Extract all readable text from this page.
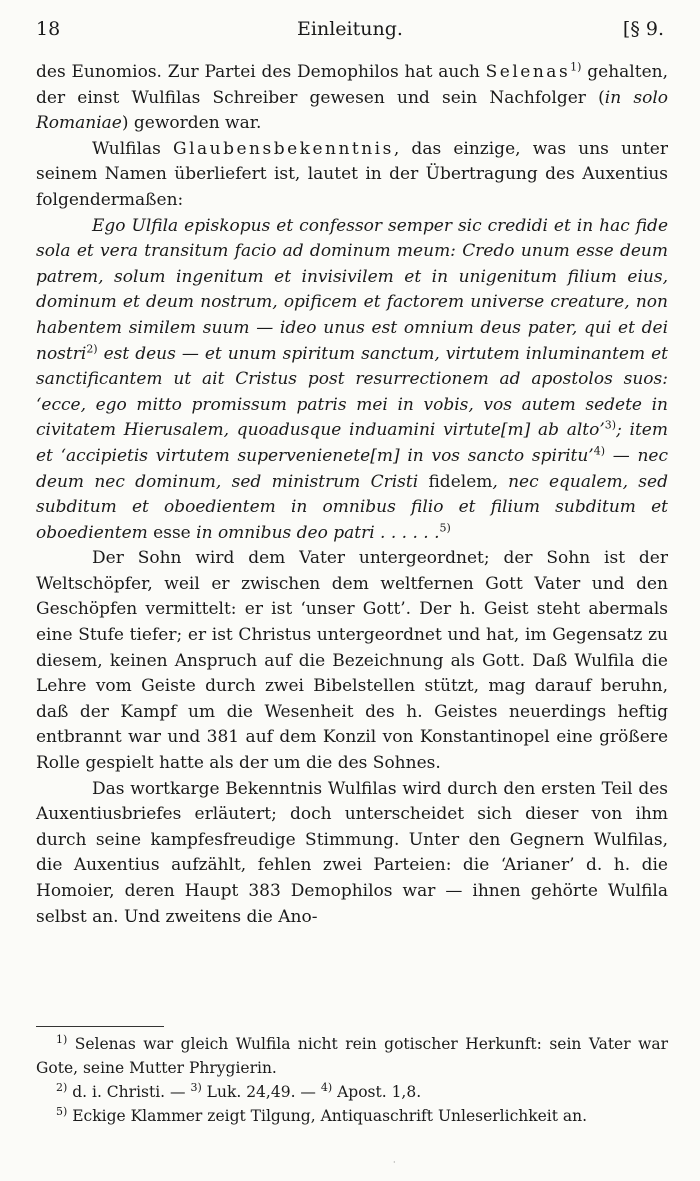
18	Einleitung.	[§ 9.

des Eunomios. Zur Partei des Demophilos hat auch Selenas$^{1)}$ gehalten, der einst Wulfilas Schreiber gewesen und sein Nachfolger (in solo Romaniae) geworden war.

Wulfilas Glaubensbekenntnis, das einzige, was uns unter seinem Namen überliefert ist, lautet in der Übertragung des Auxentius folgendermaßen:

Ego Ulfila episkopus et confessor semper sic credidi et in hac fide sola et vera transitum facio ad dominum meum: Credo unum esse deum patrem, solum ingenitum et invisivilem et in unigenitum filium eius, dominum et deum nostrum, opificem et factorem universe creature, non habentem similem suum — ideo unus est omnium deus pater, qui et dei nostri$^{2)}$ est deus — et unum spiritum sanctum, virtutem inluminantem et sanctificantem ut ait Cristus post resurrectionem ad apostolos suos: ‘ecce, ego mitto promissum patris mei in vobis, vos autem sedete in civitatem Hierusalem, quoadusque induamini virtute[m] ab alto’$^{3)}$; item et ‘accipietis virtutem supervenienete[m] in vos sancto spiritu’$^{4)}$ — nec deum nec dominum, sed ministrum Cristi fidelem, nec equalem, sed subditum et oboedientem in omnibus filio et filium subditum et oboedientem esse in omnibus deo patri . . . . . .$^{5)}$

Der Sohn wird dem Vater untergeordnet; der Sohn ist der Weltschöpfer, weil er zwischen dem weltfernen Gott Vater und den Geschöpfen vermittelt: er ist ‘unser Gott’. Der h. Geist steht abermals eine Stufe tiefer; er ist Christus untergeordnet und hat, im Gegensatz zu diesem, keinen Anspruch auf die Bezeichnung als Gott. Daß Wulfila die Lehre vom Geiste durch zwei Bibelstellen stützt, mag darauf beruhn, daß der Kampf um die Wesenheit des h. Geistes neuerdings heftig entbrannt war und 381 auf dem Konzil von Konstantinopel eine größere Rolle gespielt hatte als der um die des Sohnes.

Das wortkarge Bekenntnis Wulfilas wird durch den ersten Teil des Auxentiusbriefes erläutert; doch unterscheidet sich dieser von ihm durch seine kampfesfreudige Stimmung. Unter den Gegnern Wulfilas, die Auxentius aufzählt, fehlen zwei Parteien: die ‘Arianer’ d. h. die Homoier, deren Haupt 383 Demophilos war — ihnen gehörte Wulfila selbst an. Und zweitens die Ano-

$^{1)}$ Selenas war gleich Wulfila nicht rein gotischer Herkunft: sein Vater war Gote, seine Mutter Phrygierin.

$^{2)}$ d. i. Christi. — $^{3)}$ Luk. 24,49. — $^{4)}$ Apost. 1,8.

$^{5)}$ Eckige Klammer zeigt Tilgung, Antiquaschrift Unleserlichkeit an.

·
